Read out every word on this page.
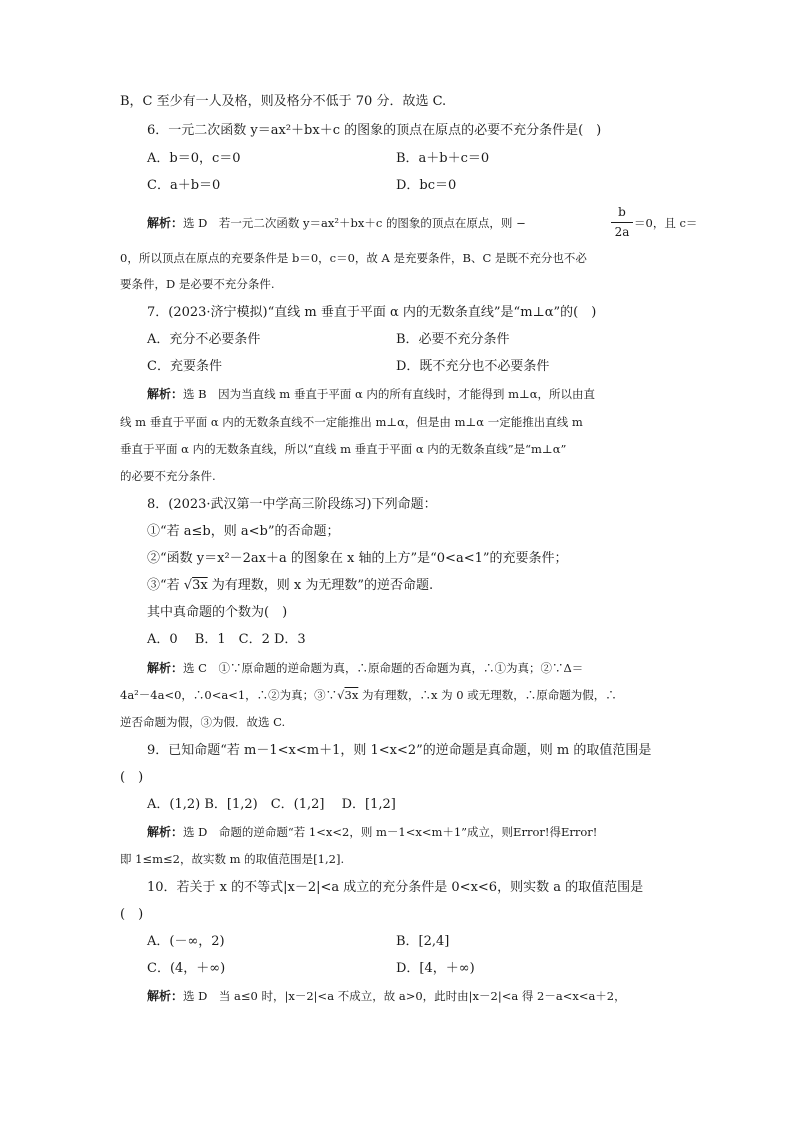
B，C 至少有一人及格，则及格分不低于 70 分．故选 C.
6．一元二次函数 y＝ax²＋bx＋c 的图象的顶点在原点的必要不充分条件是(　)
A．b＝0，c＝0	B．a＋b＋c＝0
C．a＋b＝0	D．bc＝0
解析：选 D　若一元二次函数 y＝ax²＋bx＋c 的图象的顶点在原点，则 −
b
2a
＝0，且 c＝
0，所以顶点在原点的充要条件是 b＝0，c＝0，故 A 是充要条件，B、C 是既不充分也不必
要条件，D 是必要不充分条件.
7．(2023·济宁模拟)“直线 m 垂直于平面 α 内的无数条直线”是“m⊥α”的(　)
A．充分不必要条件	B．必要不充分条件
C．充要条件	D．既不充分也不必要条件
解析：选 B　因为当直线 m 垂直于平面 α 内的所有直线时，才能得到 m⊥α，所以由直
线 m 垂直于平面 α 内的无数条直线不一定能推出 m⊥α，但是由 m⊥α 一定能推出直线 m
垂直于平面 α 内的无数条直线，所以“直线 m 垂直于平面 α 内的无数条直线”是“m⊥α”
的必要不充分条件.
8．(2023·武汉第一中学高三阶段练习)下列命题：
①“若 a≤b，则 a<b”的否命题；
②“函数 y＝x²－2ax＋a 的图象在 x 轴的上方”是“0<a<1”的充要条件；
③“若 √3x 为有理数，则 x 为无理数”的逆否命题.
其中真命题的个数为(　)
A．0　 B．1　C．2 D．3
解析：选 C　①∵原命题的逆命题为真，∴原命题的否命题为真，∴①为真；②∵Δ＝
4a²－4a<0，∴0<a<1，∴②为真；③∵√3x 为有理数，∴x 为 0 或无理数，∴原命题为假，∴
逆否命题为假，③为假．故选 C.
9．已知命题“若 m－1<x<m＋1，则 1<x<2”的逆命题是真命题，则 m 的取值范围是
(　)
A．(1,2) B．[1,2)　C．(1,2]　 D．[1,2]
解析：选 D　命题的逆命题“若 1<x<2，则 m－1<x<m＋1”成立，则Error!得Error!
即 1≤m≤2，故实数 m 的取值范围是[1,2].
10．若关于 x 的不等式|x－2|<a 成立的充分条件是 0<x<6，则实数 a 的取值范围是
(　)
A．(－∞，2)	B．[2,4]
C．(4，＋∞)	D．[4，＋∞)
解析：选 D　当 a≤0 时，|x－2|<a 不成立，故 a>0，此时由|x－2|<a 得 2－a<x<a＋2，
